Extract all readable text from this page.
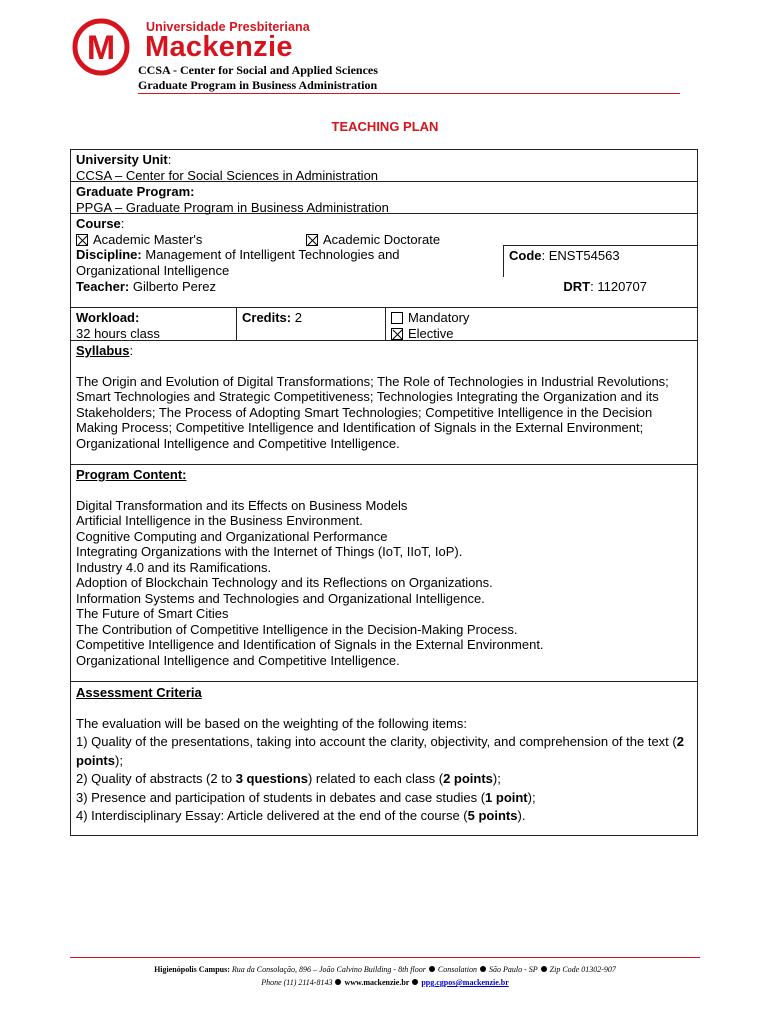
M
Universidade Presbiteriana
Mackenzie
CCSA - Center for Social and Applied Sciences
Graduate Program in Business Administration
TEACHING PLAN
University Unit:
CCSA – Center for Social Sciences in Administration
Graduate Program:
PPGA – Graduate Program in Business Administration
Course:
Academic Master's	Academic Doctorate
Discipline: Management of Intelligent Technologies and
Organizational Intelligence
Code: ENST54563
Teacher: Gilberto Perez	DRT: 1120707
Workload:
32 hours class
Credits: 2	Mandatory
Elective
Syllabus:

The Origin and Evolution of Digital Transformations; The Role of Technologies in Industrial Revolutions; Smart Technologies and Strategic Competitiveness; Technologies Integrating the Organization and its Stakeholders; The Process of Adopting Smart Technologies; Competitive Intelligence in the Decision Making Process; Competitive Intelligence and Identification of Signals in the External Environment; Organizational Intelligence and Competitive Intelligence.

Program Content:
Digital Transformation and its Effects on Business Models
Artificial Intelligence in the Business Environment.
Cognitive Computing and Organizational Performance
Integrating Organizations with the Internet of Things (IoT, IIoT, IoP).
Industry 4.0 and its Ramifications.
Adoption of Blockchain Technology and its Reflections on Organizations.
Information Systems and Technologies and Organizational Intelligence.
The Future of Smart Cities
The Contribution of Competitive Intelligence in the Decision-Making Process.
Competitive Intelligence and Identification of Signals in the External Environment.
Organizational Intelligence and Competitive Intelligence.
Assessment Criteria
The evaluation will be based on the weighting of the following items:
1) Quality of the presentations, taking into account the clarity, objectivity, and comprehension of the text (2 points);
2) Quality of abstracts (2 to 3 questions) related to each class (2 points);
3) Presence and participation of students in debates and case studies (1 point);
4) Interdisciplinary Essay: Article delivered at the end of the course (5 points).
Higienópolis Campus: Rua da Consolação, 896 – João Calvino Building - 8th floor Consolation São Paulo - SP Zip Code 01302-907
Phone (11) 2114-8143 www.mackenzie.br ppg.cgpos@mackenzie.br
